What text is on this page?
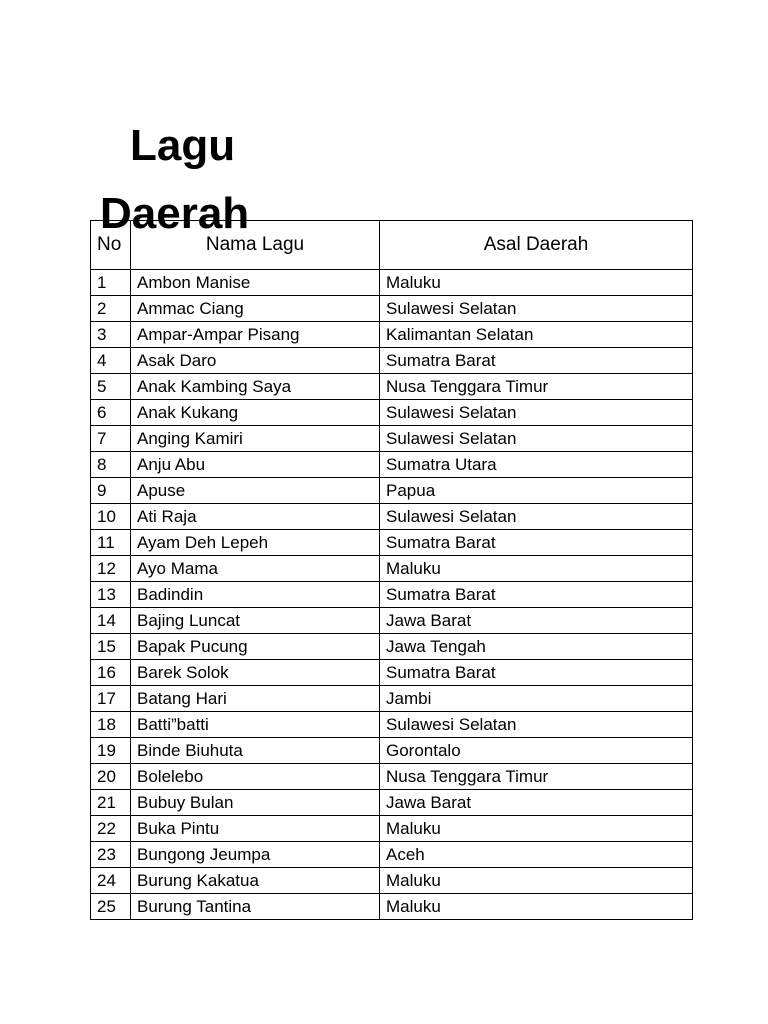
Lagu
Daerah
No	Nama Lagu	Asal Daerah
1	Ambon Manise	Maluku
2	Ammac Ciang	Sulawesi Selatan
3	Ampar-Ampar Pisang	Kalimantan Selatan
4	Asak Daro	Sumatra Barat
5	Anak Kambing Saya	Nusa Tenggara Timur
6	Anak Kukang	Sulawesi Selatan
7	Anging Kamiri	Sulawesi Selatan
8	Anju Abu	Sumatra Utara
9	Apuse	Papua
10	Ati Raja	Sulawesi Selatan
11	Ayam Deh Lepeh	Sumatra Barat
12	Ayo Mama	Maluku
13	Badindin	Sumatra Barat
14	Bajing Luncat	Jawa Barat
15	Bapak Pucung	Jawa Tengah
16	Barek Solok	Sumatra Barat
17	Batang Hari	Jambi
18	Batti”batti	Sulawesi Selatan
19	Binde Biuhuta	Gorontalo
20	Bolelebo	Nusa Tenggara Timur
21	Bubuy Bulan	Jawa Barat
22	Buka Pintu	Maluku
23	Bungong Jeumpa	Aceh
24	Burung Kakatua	Maluku
25	Burung Tantina	Maluku
